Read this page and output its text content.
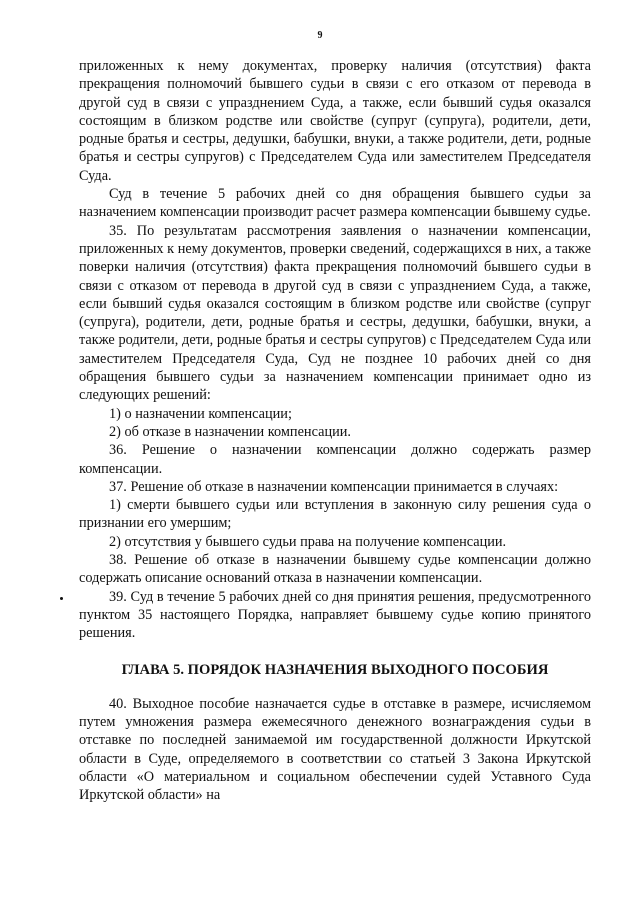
9

приложенных к нему документах, проверку наличия (отсутствия) факта прекращения полномочий бывшего судьи в связи с его отказом от перевода в другой суд в связи с упразднением Суда, а также, если бывший судья оказался состоящим в близком родстве или свойстве (супруг (супруга), родители, дети, родные братья и сестры, дедушки, бабушки, внуки, а также родители, дети, родные братья и сестры супругов) с Председателем Суда или заместителем Председателя Суда.

Суд в течение 5 рабочих дней со дня обращения бывшего судьи за назначением компенсации производит расчет размера компенсации бывшему судье.

35. По результатам рассмотрения заявления о назначении компенсации, приложенных к нему документов, проверки сведений, содержащихся в них, а также поверки наличия (отсутствия) факта прекращения полномочий бывшего судьи в связи с отказом от перевода в другой суд в связи с упразднением Суда, а также, если бывший судья оказался состоящим в близком родстве или свойстве (супруг (супруга), родители, дети, родные братья и сестры, дедушки, бабушки, внуки, а также родители, дети, родные братья и сестры супругов) с Председателем Суда или заместителем Председателя Суда, Суд не позднее 10 рабочих дней со дня обращения бывшего судьи за назначением компенсации принимает одно из следующих решений:

1) о назначении компенсации;

2) об отказе в назначении компенсации.

36. Решение о назначении компенсации должно содержать размер компенсации.

37. Решение об отказе в назначении компенсации принимается в случаях:

1) смерти бывшего судьи или вступления в законную силу решения суда о признании его умершим;

2) отсутствия у бывшего судьи права на получение компенсации.

38. Решение об отказе в назначении бывшему судье компенсации должно содержать описание оснований отказа в назначении компенсации.

39. Суд в течение 5 рабочих дней со дня принятия решения, предусмотренного пунктом 35 настоящего Порядка, направляет бывшему судье копию принятого решения.

ГЛАВА 5. ПОРЯДОК НАЗНАЧЕНИЯ ВЫХОДНОГО ПОСОБИЯ

40. Выходное пособие назначается судье в отставке в размере, исчисляемом путем умножения размера ежемесячного денежного вознаграждения судьи в отставке по последней занимаемой им государственной должности Иркутской области в Суде, определяемого в соответствии со статьей 3 Закона Иркутской области «О материальном и социальном обеспечении судей Уставного Суда Иркутской области» на
